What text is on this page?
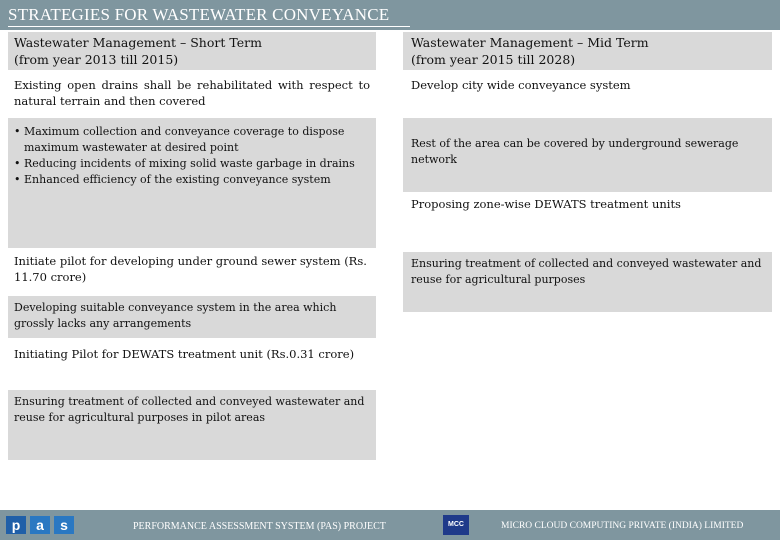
STRATEGIES FOR WASTEWATER CONVEYANCE

Wastewater Management – Short Term

(from year 2013 till 2015)

Existing open drains shall be rehabilitated with respect to natural terrain and then covered

• Maximum collection and conveyance coverage to dispose maximum wastewater at desired point
• Reducing incidents of mixing solid waste garbage in drains
• Enhanced efficiency of the existing conveyance system

Initiate pilot for developing under ground sewer system (Rs. 11.70 crore)

Developing suitable conveyance system in the area which grossly lacks any arrangements

Initiating Pilot for DEWATS treatment unit (Rs.0.31 crore)

Ensuring treatment of collected and conveyed wastewater and reuse for agricultural purposes in pilot areas

Wastewater Management – Mid Term

(from year 2015 till 2028)

Develop city wide conveyance system

Rest of the area can be covered by underground sewerage network

Proposing zone-wise DEWATS treatment units

Ensuring treatment of collected and conveyed wastewater and reuse for agricultural purposes

p	a	s	PERFORMANCE ASSESSMENT SYSTEM (PAS) PROJECT	MCC	MICRO CLOUD COMPUTING PRIVATE (INDIA) LIMITED
